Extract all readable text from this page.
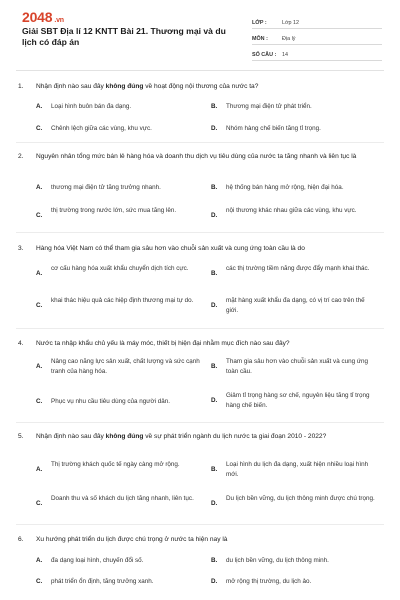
2048 .vn
Giải SBT Địa lí 12 KNTT Bài 21. Thương mại và du lịch có đáp án
LỚP :	Lớp 12
MÔN :	Địa lý
SỐ CÂU :	14
1. Nhận định nào sau đây không đúng về hoạt động nội thương của nước ta?
A. Loại hình buôn bán đa dạng.	B. Thương mại điện tử phát triển.
C. Chênh lệch giữa các vùng, khu vực.	D. Nhóm hàng chế biến tăng tỉ trọng.
2. Nguyên nhân tổng mức bán lẻ hàng hóa và doanh thu dịch vụ tiêu dùng của nước ta tăng nhanh và liên tục là
A. thương mại điện tử tăng trưởng nhanh.	B. hệ thống bán hàng mở rộng, hiện đại hóa.
C.
thị trường trong nước lớn, sức mua tăng lên.
D.
nội thương khác nhau giữa các vùng, khu vực.
3. Hàng hóa Việt Nam có thể tham gia sâu hơn vào chuỗi sản xuất và cung ứng toàn cầu là do
A.
cơ cấu hàng hóa xuất khẩu chuyển dịch tích cực.
B.
các thị trường tiềm năng được đẩy mạnh khai thác.
C.
khai thác hiệu quả các hiệp định thương mại tự do.
D.
mặt hàng xuất khẩu đa dạng, có vị trí cao trên thế giới.
4. Nước ta nhập khẩu chủ yếu là máy móc, thiết bị hiện đại nhằm mục đích nào sau đây?
A.
Nâng cao năng lực sản xuất, chất lượng và sức cạnh tranh của hàng hóa.
B.
Tham gia sâu hơn vào chuỗi sản xuất và cung ứng toàn cầu.
C. Phục vụ nhu cầu tiêu dùng của người dân.	D.
Giảm tỉ trọng hàng sơ chế, nguyên liệu tăng tỉ trọng hàng chế biến.
5. Nhận định nào sau đây không đúng về sự phát triển ngành du lịch nước ta giai đoạn 2010 - 2022?
A.
Thị trường khách quốc tế ngày càng mở rộng.
B.
Loại hình du lịch đa dạng, xuất hiện nhiều loại hình mới.
C.
Doanh thu và số khách du lịch tăng nhanh, liên tục.
D.
Du lịch bền vững, du lịch thông minh được chú trọng.
6. Xu hướng phát triển du lịch được chú trọng ở nước ta hiện nay là
A. đa dạng loại hình, chuyến đổi số.	B. du lịch bền vững, du lịch thông minh.
C. phát triển ổn định, tăng trưởng xanh.	D. mở rộng thị trường, du lịch ảo.
